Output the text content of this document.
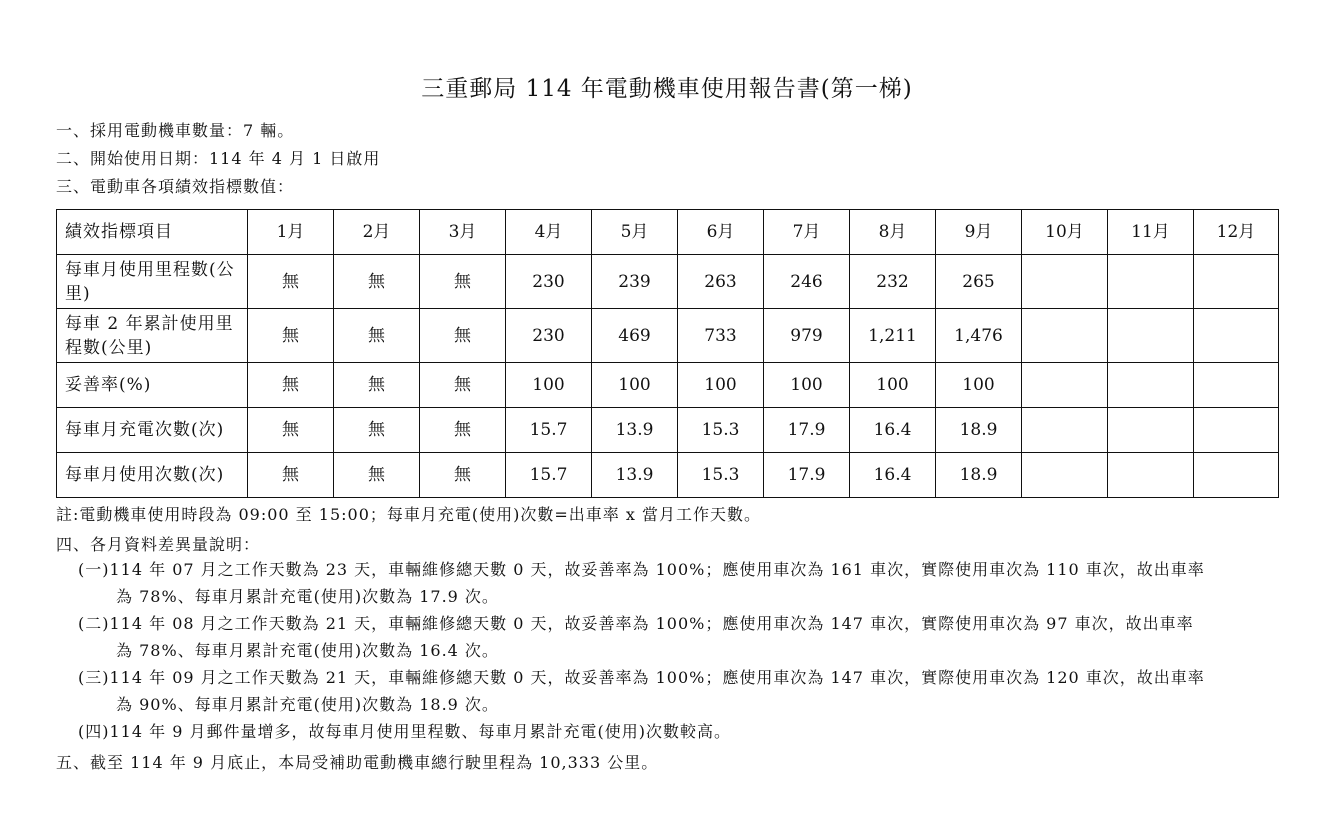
三重郵局 114 年電動機車使用報告書(第一梯)
一、採用電動機車數量：7 輛。
二、開始使用日期：114 年 4 月 1 日啟用
三、電動車各項績效指標數值：
績效指標項目	1月	2月	3月	4月	5月	6月	7月	8月	9月	10月	11月	12月
每車月使用里程數(公里)	無	無	無	230	239	263	246	232	265			
每車 2 年累計使用里程數(公里)	無	無	無	230	469	733	979	1,211	1,476			
妥善率(%)	無	無	無	100	100	100	100	100	100			
每車月充電次數(次)	無	無	無	15.7	13.9	15.3	17.9	16.4	18.9			
每車月使用次數(次)	無	無	無	15.7	13.9	15.3	17.9	16.4	18.9			
註:電動機車使用時段為 09:00 至 15:00；每車月充電(使用)次數=出車率 x 當月工作天數。
四、各月資料差異量說明：
(一)114 年 07 月之工作天數為 23 天，車輛維修總天數 0 天，故妥善率為 100%；應使用車次為 161 車次，實際使用車次為 110 車次，故出車率
為 78%、每車月累計充電(使用)次數為 17.9 次。
(二)114 年 08 月之工作天數為 21 天，車輛維修總天數 0 天，故妥善率為 100%；應使用車次為 147 車次，實際使用車次為 97 車次，故出車率
為 78%、每車月累計充電(使用)次數為 16.4 次。
(三)114 年 09 月之工作天數為 21 天，車輛維修總天數 0 天，故妥善率為 100%；應使用車次為 147 車次，實際使用車次為 120 車次，故出車率
為 90%、每車月累計充電(使用)次數為 18.9 次。
(四)114 年 9 月郵件量增多，故每車月使用里程數、每車月累計充電(使用)次數較高。
五、截至 114 年 9 月底止，本局受補助電動機車總行駛里程為 10,333 公里。
